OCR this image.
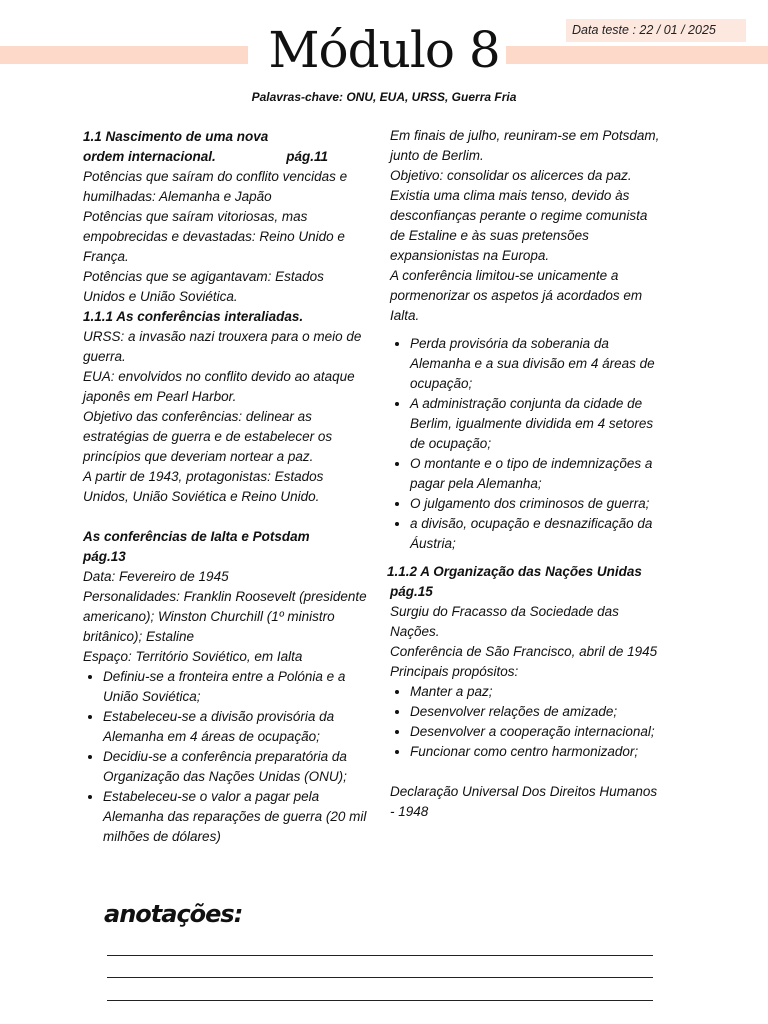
Data teste : 22 / 01 / 2025
Módulo 8
Palavras-chave: ONU, EUA, URSS, Guerra Fria

1.1 Nascimento de uma nova ordem internacional.	pág.11

Potências que saíram do conflito vencidas e humilhadas: Alemanha e Japão

Potências que saíram vitoriosas, mas empobrecidas e devastadas: Reino Unido e França.

Potências que se agigantavam: Estados Unidos e União Soviética.

1.1.1 As conferências interaliadas.

URSS: a invasão nazi trouxera para o meio de guerra.

EUA: envolvidos no conflito devido ao ataque japonês em Pearl Harbor.

Objetivo das conferências: delinear as estratégias de guerra e de estabelecer os princípios que deveriam nortear a paz.

A partir de 1943, protagonistas: Estados Unidos, União Soviética e Reino Unido.

As conferências de Ialta e Potsdam

pág.13

Data: Fevereiro de 1945

Personalidades: Franklin Roosevelt (presidente americano); Winston Churchill (1º ministro britânico); Estaline

Espaço: Território Soviético, em Ialta

• Definiu-se a fronteira entre a Polónia e a União Soviética;
• Estabeleceu-se a divisão provisória da Alemanha em 4 áreas de ocupação;
• Decidiu-se a conferência preparatória da Organização das Nações Unidas (ONU);
• Estabeleceu-se o valor a pagar pela Alemanha das reparações de guerra (20 mil milhões de dólares)

Em finais de julho, reuniram-se em Potsdam, junto de Berlim.

Objetivo: consolidar os alicerces da paz.

Existia uma clima mais tenso, devido às desconfianças perante o regime comunista de Estaline e às suas pretensões expansionistas na Europa.

A conferência limitou-se unicamente a pormenorizar os aspetos já acordados em Ialta.

• Perda provisória da soberania da Alemanha e a sua divisão em 4 áreas de ocupação;
• A administração conjunta da cidade de Berlim, igualmente dividida em 4 setores de ocupação;
• O montante e o tipo de indemnizações a pagar pela Alemanha;
• O julgamento dos criminosos de guerra;
• a divisão, ocupação e desnazificação da Áustria;

1.1.2 A Organização das Nações Unidas

pág.15

Surgiu do Fracasso da Sociedade das Nações.

Conferência de São Francisco, abril de 1945

Principais propósitos:

• Manter a paz;
• Desenvolver relações de amizade;
• Desenvolver a cooperação internacional;
• Funcionar como centro harmonizador;

Declaração Universal Dos Direitos Humanos - 1948

anotações:
